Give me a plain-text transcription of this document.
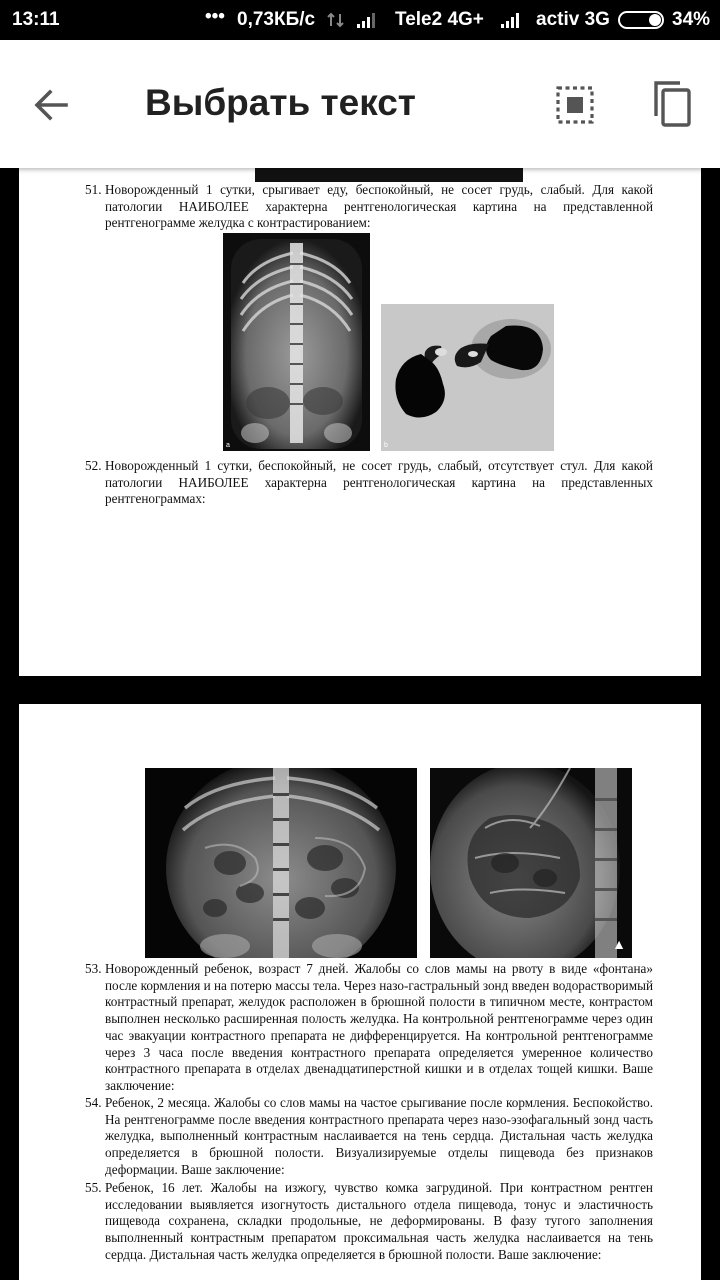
13:11	••• 0,73КБ/с	Tele2 4G+	activ 3G	34%
Выбрать текст
51. Новорожденный 1 сутки, срыгивает еду, беспокойный, не сосет грудь, слабый. Для какой патологии НАИБОЛЕЕ характерна рентгенологическая картина на представленной рентгенограмме желудка с контрастированием:
a	b
52. Новорожденный 1 сутки, беспокойный, не сосет грудь, слабый, отсутствует стул. Для какой патологии НАИБОЛЕЕ характерна рентгенологическая картина на представленных рентгенограммах:
▲
53. Новорожденный ребенок, возраст 7 дней. Жалобы со слов мамы на рвоту в виде «фонтана» после кормления и на потерю массы тела. Через назо-гастральный зонд введен водорастворимый контрастный препарат, желудок расположен в брюшной полости в типичном месте, контрастом выполнен несколько расширенная полость желудка. На контрольной рентгенограмме через один час эвакуации контрастного препарата не дифференцируется. На контрольной рентгенограмме через 3 часа после введения контрастного препарата определяется умеренное количество контрастного препарата в отделах двенадцатиперстной кишки и в отделах тощей кишки. Ваше заключение:
54. Ребенок, 2 месяца. Жалобы со слов мамы на частое срыгивание после кормления. Беспокойство. На рентгенограмме после введения контрастного препарата через назо-эзофагальный зонд часть желудка, выполненный контрастным наслаивается на тень сердца. Дистальная часть желудка определяется в брюшной полости. Визуализируемые отделы пищевода без признаков деформации. Ваше заключение:
55. Ребенок, 16 лет. Жалобы на изжогу, чувство комка загрудиной. При контрастном рентген исследовании выявляется изогнутость дистального отдела пищевода, тонус и эластичность пищевода сохранена, складки продольные, не деформированы. В фазу тугого заполнения выполненный контрастным препаратом проксимальная часть желудка наслаивается на тень сердца. Дистальная часть желудка определяется в брюшной полости. Ваше заключение:
